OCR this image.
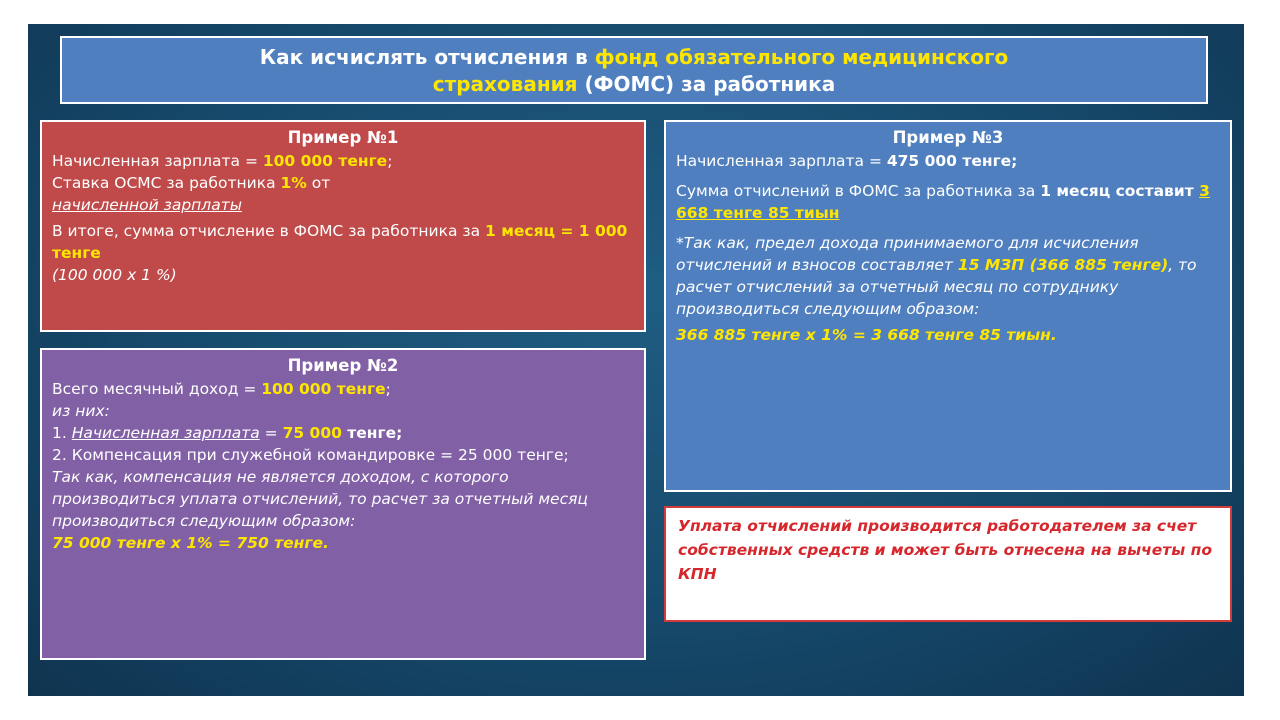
Как исчислять отчисления в фонд обязательного медицинского
страхования (ФОМС) за работника
Пример №1
Начисленная зарплата = 100 000 тенге;
Ставка ОСМС за работника 1% от
начисленной зарплаты
В итоге, сумма отчисление в ФОМС за работника за 1 месяц = 1 000 тенге
(100 000 х 1 %)
Пример №2
Всего месячный доход = 100 000 тенге;
из них:
1. Начисленная зарплата = 75 000 тенге;
2. Компенсация при служебной командировке = 25 000 тенге;
Так как, компенсация не является доходом, с которого производиться уплата отчислений, то расчет за отчетный месяц производиться следующим образом:
75 000 тенге х 1% = 750 тенге.
Пример №3

Начисленная зарплата = 475 000 тенге;

Сумма отчислений в ФОМС за работника за 1 месяц составит 3 668 тенге 85 тиын

*Так как, предел дохода принимаемого для исчисления отчислений и взносов составляет 15 МЗП (366 885 тенге), то расчет отчислений за отчетный месяц по сотруднику производиться следующим образом:

366 885 тенге х 1% = 3 668 тенге 85 тиын.

Уплата отчислений производится работодателем за счет собственных средств и может быть отнесена на вычеты по КПН
